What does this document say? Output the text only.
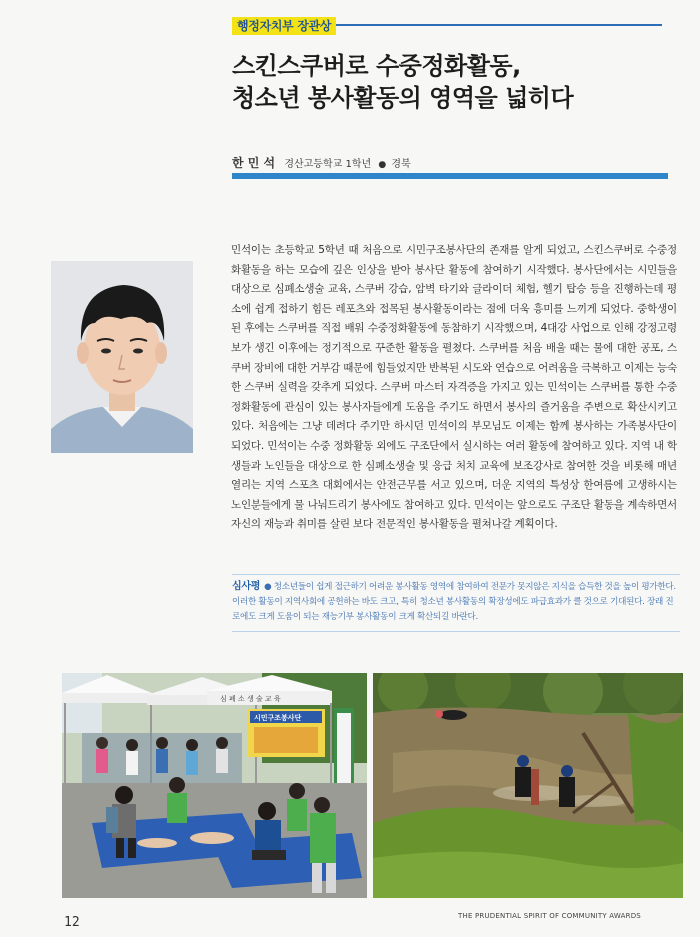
행정자치부 장관상
스킨스쿠버로 수중정화활동,
청소년 봉사활동의 영역을 넓히다
한 민 석 경산고등학교 1학년 ● 경북
민석이는 초등학교 5학년 때 처음으로 시민구조봉사단의 존재를 알게 되었고, 스킨스쿠버로 수중정화활동을 하는 모습에 깊은 인상을 받아 봉사단 활동에 참여하기 시작했다. 봉사단에서는 시민들을 대상으로 심폐소생술 교육, 스쿠버 강습, 암벽 타기와 글라이더 체험, 헬기 탑승 등을 진행하는데 평소에 쉽게 접하기 힘든 레포츠와 접목된 봉사활동이라는 점에 더욱 흥미를 느끼게 되었다. 중학생이 된 후에는 스쿠버를 직접 배워 수중정화활동에 동참하기 시작했으며, 4대강 사업으로 인해 강정고령보가 생긴 이후에는 정기적으로 꾸준한 활동을 펼쳤다. 스쿠버를 처음 배울 때는 물에 대한 공포, 스쿠버 장비에 대한 거부감 때문에 힘들었지만 반복된 시도와 연습으로 어려움을 극복하고 이제는 능숙한 스쿠버 실력을 갖추게 되었다. 스쿠버 마스터 자격증을 가지고 있는 민석이는 스쿠버를 통한 수중정화활동에 관심이 있는 봉사자들에게 도움을 주기도 하면서 봉사의 즐거움을 주변으로 확산시키고 있다. 처음에는 그냥 데려다 주기만 하시던 민석이의 부모님도 이제는 함께 봉사하는 가족봉사단이 되었다. 민석이는 수중 정화활동 외에도 구조단에서 실시하는 여러 활동에 참여하고 있다. 지역 내 학생들과 노인들을 대상으로 한 심폐소생술 및 응급 처치 교육에 보조강사로 참여한 것을 비롯해 매년 열리는 지역 스포츠 대회에서는 안전근무를 서고 있으며, 더운 지역의 특성상 한여름에 고생하시는 노인분들에게 물 나눠드리기 봉사에도 참여하고 있다. 민석이는 앞으로도 구조단 활동을 계속하면서 자신의 재능과 취미를 살린 보다 전문적인 봉사활동을 펼쳐나갈 계획이다.
심사평 ● 청소년들이 쉽게 접근하기 어려운 봉사활동 영역에 참여하여 전문가 못지않은 지식을 습득한 것을 높이 평가한다. 이러한 활동이 지역사회에 공헌하는 바도 크고, 특히 청소년 봉사활동의 확장성에도 파급효과가 클 것으로 기대된다. 장래 진로에도 크게 도움이 되는 재능기부 봉사활동이 크게 확산되길 바란다.
심 폐 소 생 술 교 육
시민구조봉사단
12	THE PRUDENTIAL SPIRIT OF COMMUNITY AWARDS
